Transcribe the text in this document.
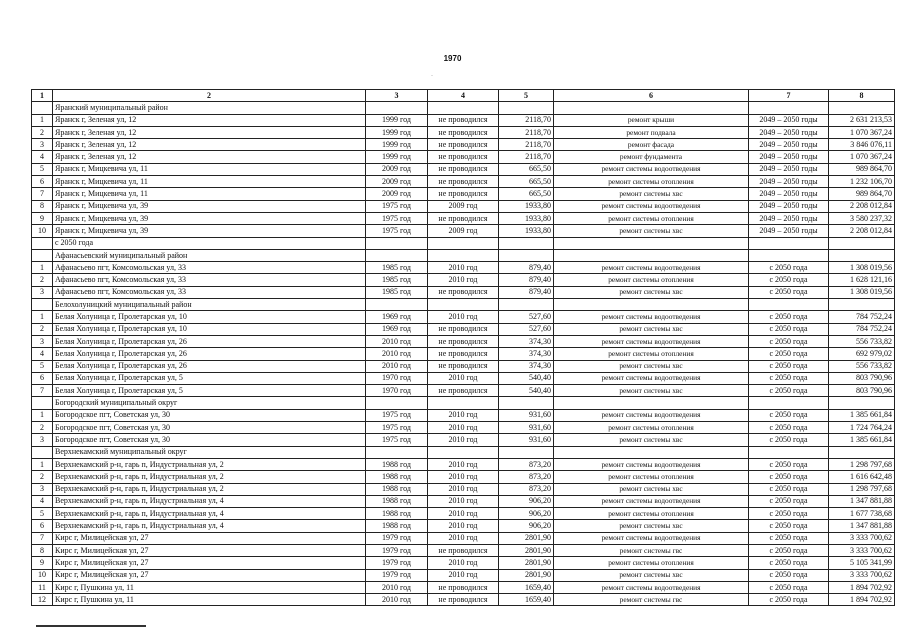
1970
·
1	2	3	4	5	6	7	8
	Яранский муниципальный район						
1	Яранск г, Зеленая ул, 12	1999 год	не проводился	2118,70	ремонт крыши	2049 – 2050 годы	2 631 213,53
2	Яранск г, Зеленая ул, 12	1999 год	не проводился	2118,70	ремонт подвала	2049 – 2050 годы	1 070 367,24
3	Яранск г, Зеленая ул, 12	1999 год	не проводился	2118,70	ремонт фасада	2049 – 2050 годы	3 846 076,11
4	Яранск г, Зеленая ул, 12	1999 год	не проводился	2118,70	ремонт фундамента	2049 – 2050 годы	1 070 367,24
5	Яранск г, Мицкевича ул, 11	2009 год	не проводился	665,50	ремонт системы водоотведения	2049 – 2050 годы	989 864,70
6	Яранск г, Мицкевича ул, 11	2009 год	не проводился	665,50	ремонт системы отопления	2049 – 2050 годы	1 232 106,70
7	Яранск г, Мицкевича ул, 11	2009 год	не проводился	665,50	ремонт системы хвс	2049 – 2050 годы	989 864,70
8	Яранск г, Мицкевича ул, 39	1975 год	2009 год	1933,80	ремонт системы водоотведения	2049 – 2050 годы	2 208 012,84
9	Яранск г, Мицкевича ул, 39	1975 год	не проводился	1933,80	ремонт системы отопления	2049 – 2050 годы	3 580 237,32
10	Яранск г, Мицкевича ул, 39	1975 год	2009 год	1933,80	ремонт системы хвс	2049 – 2050 годы	2 208 012,84
	с 2050 года						
	Афанасьевский муниципальный район						
1	Афанасьево пгт, Комсомольская ул, 33	1985 год	2010 год	879,40	ремонт системы водоотведения	с 2050 года	1 308 019,56
2	Афанасьево пгт, Комсомольская ул, 33	1985 год	2010 год	879,40	ремонт системы отопления	с 2050 года	1 628 121,16
3	Афанасьево пгт, Комсомольская ул, 33	1985 год	не проводился	879,40	ремонт системы хвс	с 2050 года	1 308 019,56
	Белохолуницкий муниципальный район						
1	Белая Холуница г, Пролетарская ул, 10	1969 год	2010 год	527,60	ремонт системы водоотведения	с 2050 года	784 752,24
2	Белая Холуница г, Пролетарская ул, 10	1969 год	не проводился	527,60	ремонт системы хвс	с 2050 года	784 752,24
3	Белая Холуница г, Пролетарская ул, 26	2010 год	не проводился	374,30	ремонт системы водоотведения	с 2050 года	556 733,82
4	Белая Холуница г, Пролетарская ул, 26	2010 год	не проводился	374,30	ремонт системы отопления	с 2050 года	692 979,02
5	Белая Холуница г, Пролетарская ул, 26	2010 год	не проводился	374,30	ремонт системы хвс	с 2050 года	556 733,82
6	Белая Холуница г, Пролетарская ул, 5	1970 год	2010 год	540,40	ремонт системы водоотведения	с 2050 года	803 790,96
7	Белая Холуница г, Пролетарская ул, 5	1970 год	не проводился	540,40	ремонт системы хвс	с 2050 года	803 790,96
	Богородский муниципальный округ						
1	Богородское пгт, Советская ул, 30	1975 год	2010 год	931,60	ремонт системы водоотведения	с 2050 года	1 385 661,84
2	Богородское пгт, Советская ул, 30	1975 год	2010 год	931,60	ремонт системы отопления	с 2050 года	1 724 764,24
3	Богородское пгт, Советская ул, 30	1975 год	2010 год	931,60	ремонт системы хвс	с 2050 года	1 385 661,84
	Верхнекамский муниципальный округ						
1	Верхнекамский р-н, гарь п, Индустриальная ул, 2	1988 год	2010 год	873,20	ремонт системы водоотведения	с 2050 года	1 298 797,68
2	Верхнекамский р-н, гарь п, Индустриальная ул, 2	1988 год	2010 год	873,20	ремонт системы отопления	с 2050 года	1 616 642,48
3	Верхнекамский р-н, гарь п, Индустриальная ул, 2	1988 год	2010 год	873,20	ремонт системы хвс	с 2050 года	1 298 797,68
4	Верхнекамский р-н, гарь п, Индустриальная ул, 4	1988 год	2010 год	906,20	ремонт системы водоотведения	с 2050 года	1 347 881,88
5	Верхнекамский р-н, гарь п, Индустриальная ул, 4	1988 год	2010 год	906,20	ремонт системы отопления	с 2050 года	1 677 738,68
6	Верхнекамский р-н, гарь п, Индустриальная ул, 4	1988 год	2010 год	906,20	ремонт системы хвс	с 2050 года	1 347 881,88
7	Кирс г, Милицейская ул, 27	1979 год	2010 год	2801,90	ремонт системы водоотведения	с 2050 года	3 333 700,62
8	Кирс г, Милицейская ул, 27	1979 год	не проводился	2801,90	ремонт системы гвс	с 2050 года	3 333 700,62
9	Кирс г, Милицейская ул, 27	1979 год	2010 год	2801,90	ремонт системы отопления	с 2050 года	5 105 341,99
10	Кирс г, Милицейская ул, 27	1979 год	2010 год	2801,90	ремонт системы хвс	с 2050 года	3 333 700,62
11	Кирс г, Пушкина ул, 11	2010 год	не проводился	1659,40	ремонт системы водоотведения	с 2050 года	1 894 702,92
12	Кирс г, Пушкина ул, 11	2010 год	не проводился	1659,40	ремонт системы гвс	с 2050 года	1 894 702,92
